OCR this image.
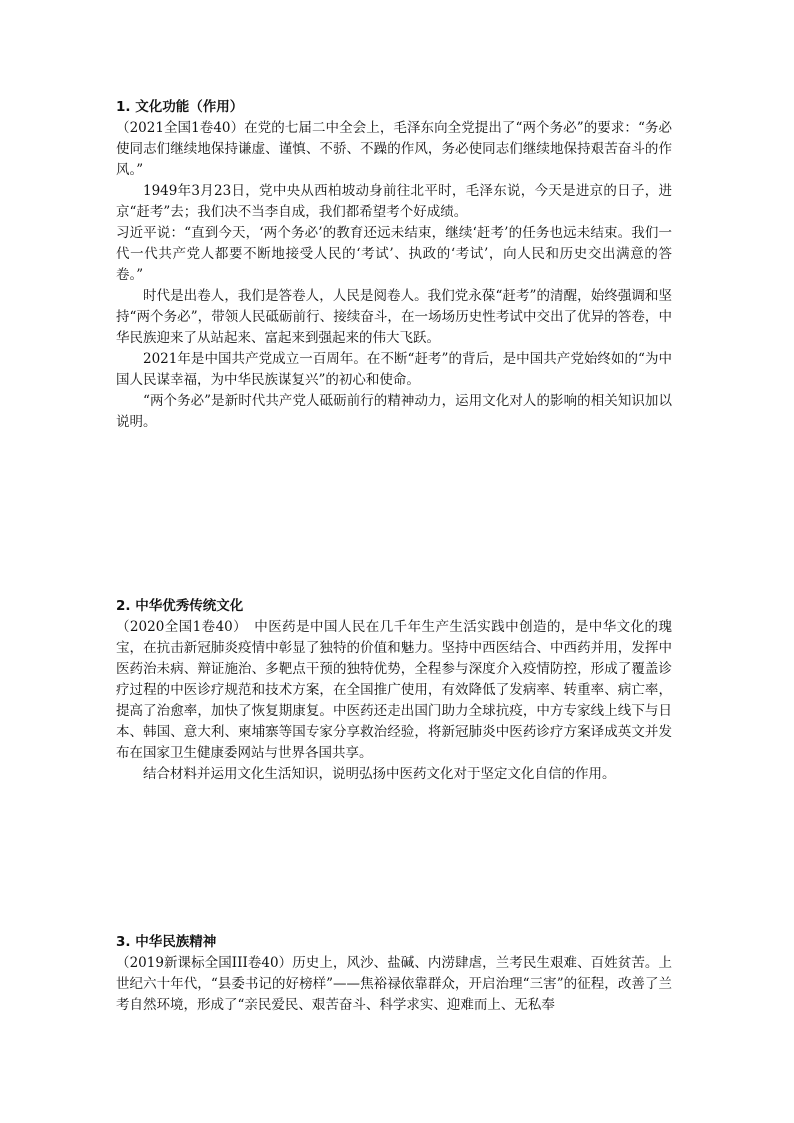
1. 文化功能（作用）

（2021全国1卷40）在党的七届二中全会上，毛泽东向全党提出了“两个务必”的要求：“务必使同志们继续地保持谦虚、谨慎、不骄、不躁的作风，务必使同志们继续地保持艰苦奋斗的作风。”

1949年3月23日，党中央从西柏坡动身前往北平时，毛泽东说，今天是进京的日子，进京“赶考”去；我们决不当李自成，我们都希望考个好成绩。

习近平说：“直到今天，‘两个务必’的教育还远未结束，继续‘赶考’的任务也远未结束。我们一代一代共产党人都要不断地接受人民的‘考试’、执政的‘考试’，向人民和历史交出满意的答卷。”

时代是出卷人，我们是答卷人，人民是阅卷人。我们党永葆“赶考”的清醒，始终强调和坚持“两个务必”，带领人民砥砺前行、接续奋斗，在一场场历史性考试中交出了优异的答卷，中华民族迎来了从站起来、富起来到强起来的伟大飞跃。

2021年是中国共产党成立一百周年。在不断“赶考”的背后，是中国共产党始终如的“为中国人民谋幸福，为中华民族谋复兴”的初心和使命。

“两个务必”是新时代共产党人砥砺前行的精神动力，运用文化对人的影响的相关知识加以说明。

2. 中华优秀传统文化

（2020全国1卷40）　中医药是中国人民在几千年生产生活实践中创造的，是中华文化的瑰宝，在抗击新冠肺炎疫情中彰显了独特的价值和魅力。坚持中西医结合、中西药并用，发挥中医药治未病、辩证施治、多靶点干预的独特优势，全程参与深度介入疫情防控，形成了覆盖诊疗过程的中医诊疗规范和技术方案，在全国推广使用，有效降低了发病率、转重率、病亡率，提高了治愈率，加快了恢复期康复。中医药还走出国门助力全球抗疫，中方专家线上线下与日本、韩国、意大利、柬埔寨等国专家分享救治经验，将新冠肺炎中医药诊疗方案译成英文并发布在国家卫生健康委网站与世界各国共享。

结合材料并运用文化生活知识，说明弘扬中医药文化对于坚定文化自信的作用。

3. 中华民族精神

（2019新课标全国III卷40）历史上，风沙、盐碱、内涝肆虐，兰考民生艰难、百姓贫苦。上世纪六十年代，“县委书记的好榜样”——焦裕禄依靠群众，开启治理“三害”的征程，改善了兰考自然环境，形成了“亲民爱民、艰苦奋斗、科学求实、迎难而上、无私奉
